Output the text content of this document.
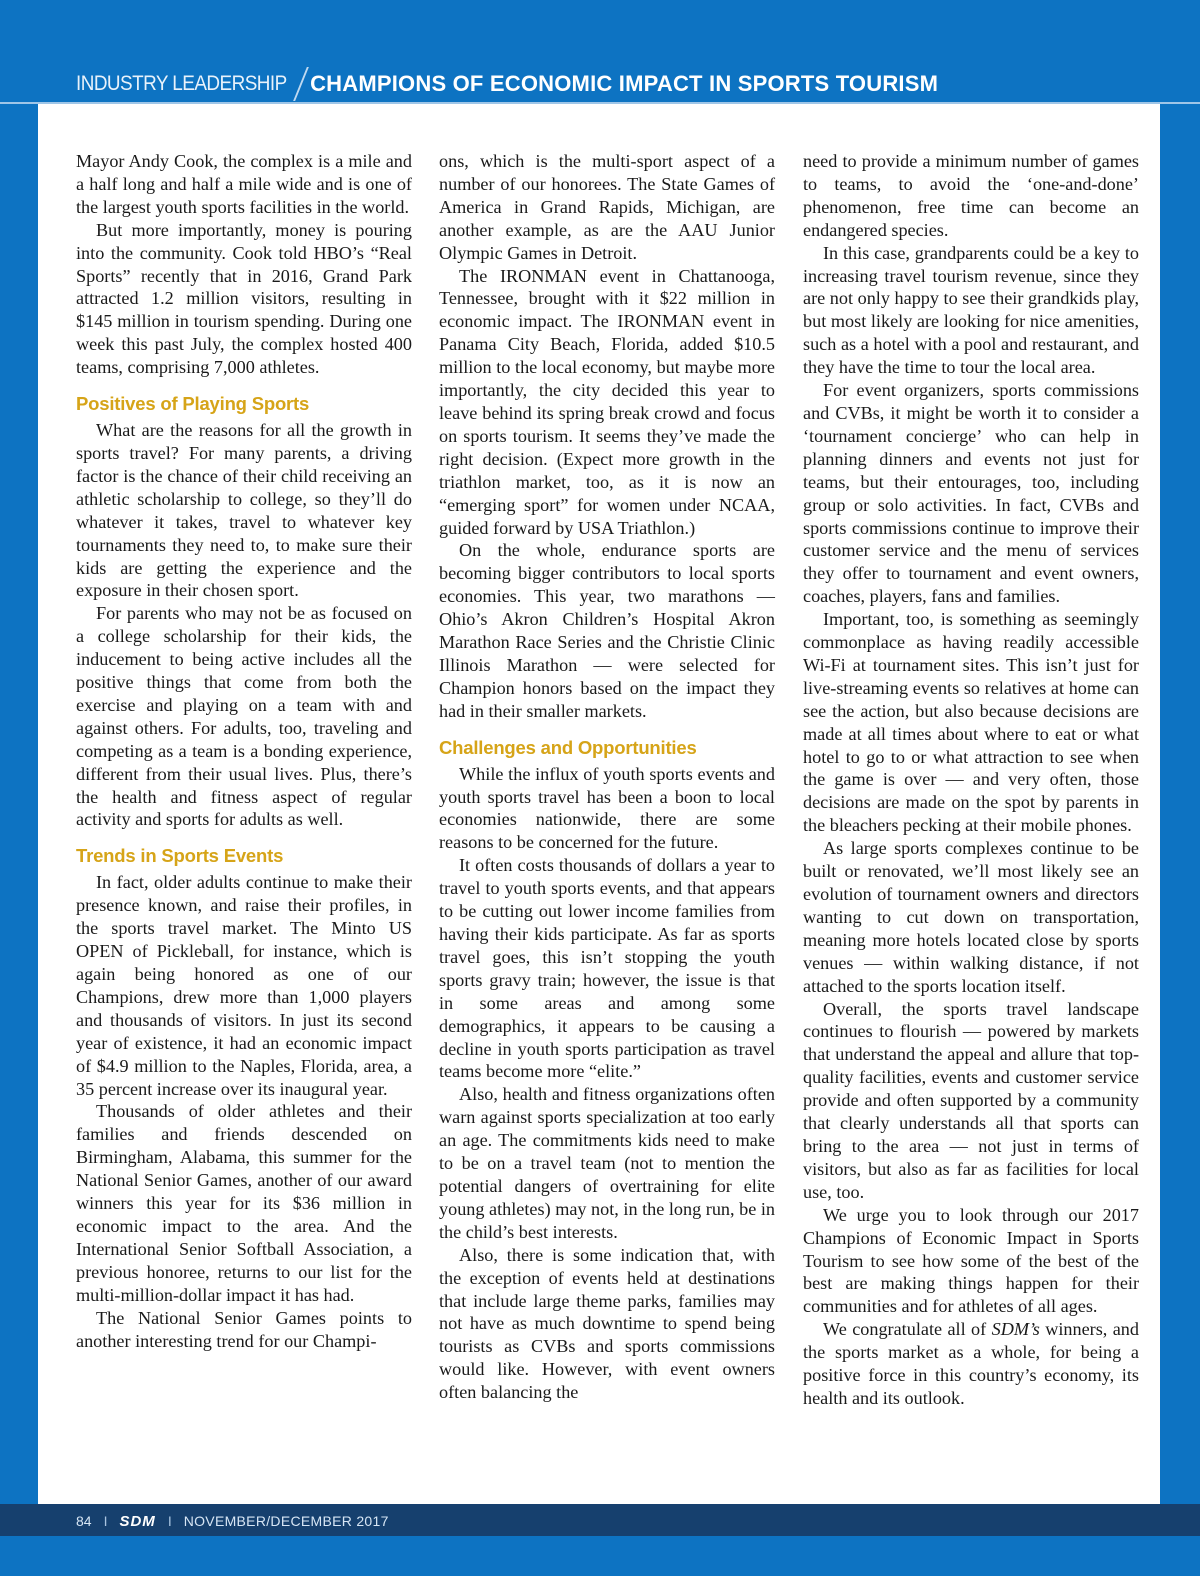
INDUSTRY LEADERSHIP CHAMPIONS OF ECONOMIC IMPACT IN SPORTS TOURISM

Mayor Andy Cook, the complex is a mile and a half long and half a mile wide and is one of the largest youth sports facilities in the world.

But more importantly, money is pouring into the community. Cook told HBO’s “Real Sports” recently that in 2016, Grand Park attracted 1.2 million visitors, resulting in $145 million in tourism spending. During one week this past July, the complex hosted 400 teams, comprising 7,000 athletes.

Positives of Playing Sports

What are the reasons for all the growth in sports travel? For many parents, a driving factor is the chance of their child receiving an athletic scholarship to college, so they’ll do whatever it takes, travel to whatever key tournaments they need to, to make sure their kids are getting the experience and the exposure in their chosen sport.

For parents who may not be as focused on a college scholarship for their kids, the inducement to being active includes all the positive things that come from both the exercise and playing on a team with and against others. For adults, too, traveling and competing as a team is a bonding experience, different from their usual lives. Plus, there’s the health and fitness aspect of regular activity and sports for adults as well.

Trends in Sports Events

In fact, older adults continue to make their presence known, and raise their profiles, in the sports travel market. The Minto US OPEN of Pickleball, for instance, which is again being honored as one of our Champions, drew more than 1,000 players and thousands of visitors. In just its second year of existence, it had an economic impact of $4.9 million to the Naples, Florida, area, a 35 percent increase over its inaugural year.

Thousands of older athletes and their families and friends descended on Birmingham, Alabama, this summer for the National Senior Games, another of our award winners this year for its $36 million in economic impact to the area. And the International Senior Softball Association, a previous honoree, returns to our list for the multi-million-dollar impact it has had.

The National Senior Games points to another interesting trend for our Champi-

ons, which is the multi-sport aspect of a number of our honorees. The State Games of America in Grand Rapids, Michigan, are another example, as are the AAU Junior Olympic Games in Detroit.

The IRONMAN event in Chattanooga, Tennessee, brought with it $22 million in economic impact. The IRONMAN event in Panama City Beach, Florida, added $10.5 million to the local economy, but maybe more importantly, the city decided this year to leave behind its spring break crowd and focus on sports tourism. It seems they’ve made the right decision. (Expect more growth in the triathlon market, too, as it is now an “emerging sport” for women under NCAA, guided forward by USA Triathlon.)

On the whole, endurance sports are becoming bigger contributors to local sports economies. This year, two marathons — Ohio’s Akron Children’s Hospital Akron Marathon Race Series and the Christie Clinic Illinois Marathon — were selected for Champion honors based on the impact they had in their smaller markets.

Challenges and Opportunities

While the influx of youth sports events and youth sports travel has been a boon to local economies nationwide, there are some reasons to be concerned for the future.

It often costs thousands of dollars a year to travel to youth sports events, and that appears to be cutting out lower income families from having their kids participate. As far as sports travel goes, this isn’t stopping the youth sports gravy train; however, the issue is that in some areas and among some demographics, it appears to be causing a decline in youth sports participation as travel teams become more “elite.”

Also, health and fitness organizations often warn against sports specialization at too early an age. The commitments kids need to make to be on a travel team (not to mention the potential dangers of overtraining for elite young athletes) may not, in the long run, be in the child’s best interests.

Also, there is some indication that, with the exception of events held at destinations that include large theme parks, families may not have as much downtime to spend being tourists as CVBs and sports commissions would like. However, with event owners often balancing the

need to provide a minimum number of games to teams, to avoid the ‘one-and-done’ phenomenon, free time can become an endangered species.

In this case, grandparents could be a key to increasing travel tourism revenue, since they are not only happy to see their grandkids play, but most likely are looking for nice amenities, such as a hotel with a pool and restaurant, and they have the time to tour the local area.

For event organizers, sports commissions and CVBs, it might be worth it to consider a ‘tournament concierge’ who can help in planning dinners and events not just for teams, but their entourages, too, including group or solo activities. In fact, CVBs and sports commissions continue to improve their customer service and the menu of services they offer to tournament and event owners, coaches, players, fans and families.

Important, too, is something as seemingly commonplace as having readily accessible Wi-Fi at tournament sites. This isn’t just for live-streaming events so relatives at home can see the action, but also because decisions are made at all times about where to eat or what hotel to go to or what attraction to see when the game is over — and very often, those decisions are made on the spot by parents in the bleachers pecking at their mobile phones.

As large sports complexes continue to be built or renovated, we’ll most likely see an evolution of tournament owners and directors wanting to cut down on transportation, meaning more hotels located close by sports venues — within walking distance, if not attached to the sports location itself.

Overall, the sports travel landscape continues to flourish — powered by markets that understand the appeal and allure that top-quality facilities, events and customer service provide and often supported by a community that clearly understands all that sports can bring to the area — not just in terms of visitors, but also as far as facilities for local use, too.

We urge you to look through our 2017 Champions of Economic Impact in Sports Tourism to see how some of the best of the best are making things happen for their communities and for athletes of all ages.

We congratulate all of SDM’s winners, and the sports market as a whole, for being a positive force in this country’s economy, its health and its outlook.

84 I SDM I NOVEMBER/DECEMBER 2017
